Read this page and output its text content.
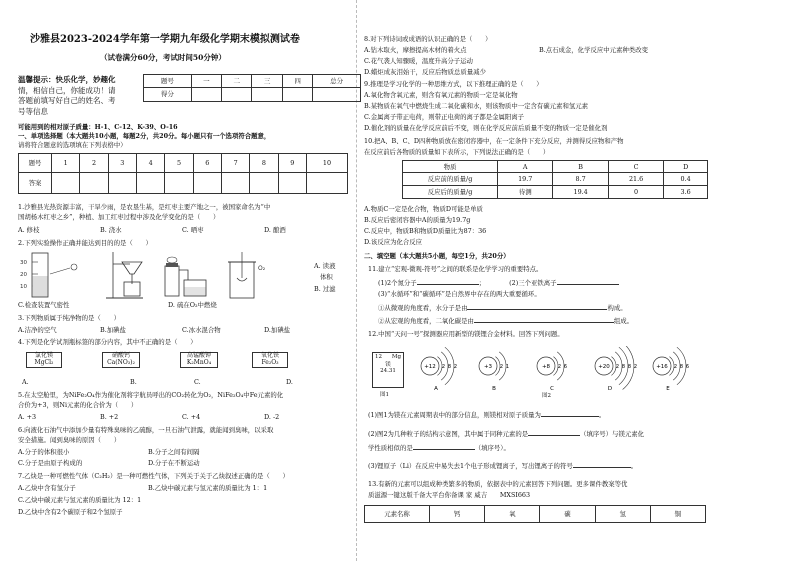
沙雅县2023-2024学年第一学期九年级化学期末模拟测试卷
（试卷满分60分，考试时间50分钟）
温馨提示：快乐化学，妙趣化
情，相信自己，你能成功！请
答题前填写好自己的姓名、考
号等信息
题号	一	二	三	四	总分
得分					
可能用到的相对原子质量：H-1、C-12、K-39、O-16
一、单项选择题（本大题共10小题，每题2分，共20分。每小题只有一个选项符合题意，
请将符合题意的选项填在下列表格中）
题号	1	2	3	4	5	6	7	8	9	10
答案										
1.沙雅县光热资源丰富，干旱少雨，是农垦生基，是红枣主要产地之一，被国家命名为“中
国胡杨木红枣之乡”，种植、加工红枣过程中涉及化学变化的是（　　）
A. 修枝	B. 浇水	C. 晒枣	D. 酿酒
2.下列实验操作正确并能达到目的的是（　　）
30
20
10
O₂	A. 读液
体积
B. 过滤
C.检查装置气密性	D. 硫在O₂中燃烧
3.下列物质属于纯净物的是（　　）
A.洁净的空气	B.加碘盐	C.冰水混合物	D.加碘盐
4.下列是化学试剂瓶标签的部分内容，其中不正确的是（　　）
氯化镁
MgCl₂
硝酸钙
Ca(NO₃)₂
高锰酸钾
K₂MnO₄
氧化铁
Fe₂O₃
A.	B.	C.	D.
5.在太空舱里，为NiFe₂O₄作为催化剂将宇航员呼出的CO₂转化为O₂，NiFe₂O₄中Fe元素的化
合价为+3，则Ni元素的化合价为（　　）
A. +3	B. +2	C. +4	D. -2
6.向液化石油气中添加少量有特殊臭味的乙硫醇，一旦石油气泄露，就能闻到臭味，以采取
安全措施。闻到臭味的原因（　　）
A.分子的体积很小	B.分子之间有间隔
C.分子是由原子构成的	D.分子在不断运动
7.乙炔是一种可燃性气体（C₂H₂）是一种可燃性气体，下列关于关于乙炔叙述正确的是（　　）
A.乙炔中含有氢分子	B.乙炔中碳元素与氢元素的质量比为 1：1
C.乙炔中碳元素与氢元素的质量比为 12：1
D.乙炔中含有2个碳原子和2个氢原子
8.对下列诗词或成语的认识正确的是（　　）
A.钻木取火，摩擦提高木材的着火点	B.点石成金，化学反应中元素种类改变
C.花气袭人知骤暖，温度升高分子运动
D.蜡炬成灰泪始干，反应后物质总质量减少
9.推理是学习化学的一种思维方式，以下推理正确的是（　　）
A.氧化物含氧元素，则含有氧元素的物质一定是氧化物
B.某物质在氧气中燃烧生成二氧化碳和水，则该物质中一定含有碳元素和氢元素
C.金属离子带正电荷，则带正电荷的离子都是金属阳离子
D.催化剂的质量在化学反应前后不变，则在化学反应前后质量不变的物质一定是催化剂
10.把A、B、C、D四种物质放在密闭容器中，在一定条件下充分反应，并测得反应物和产物
在反应前后各物质的质量如下表所示，下列说法正确的是（　　）
物质	A	B	C	D
反应前的质量/g	19.7	8.7	21.6	0.4
反应后的质量/g	待测	19.4	0	3.6
A.物质C一定是化合物，物质D可能是单质
B.反应后密闭容器中A的质量为19.7g
C.反应中，物质B和物质D质量比为87：36
D.该反应为化合反应
二、填空题（本大题共5小题，每空1分，共20分）
11.建立“宏观-微观-符号”之间的联系是化学学习的重要特点。
(1)2个氮分子	；	(2)三个亚铁离子
(3)“水循环”和“碳循环”是自然界中存在的两大重要循环。
①从微观的角度看，水分子是由	构成。
②从宏观的角度看，二氧化碳是由	组成。
12.中国“天问一号”探测器应用新型的镁锂合金材料。回答下列问题。
12 Mg
镁
24.31
图1
+12 2 8 2
A
+3 2 1
B
+8 2 6
C
+20 2 8 8 2
D
+16 2 8 6
E
图2
(1)图1为镁在元素周期表中的部分信息，则镁相对原子质量为	。
(2)图2为几种粒子的结构示意图，其中属于同种元素的是	（填序号）与镁元素化
学性质相似的是	（填序号）。
(3)锂原子（Li）在反应中易失去1个电子形成锂离子，写出锂离子的符号	。
13.有新的元素可以组成种类繁多的物质，依据表中的元素回答下列问题。更多课件教案等优
质滋源一键这版千备大平台你备课 家 威吉　　MXSI663
元素名称	钙	氧	碳	氢	铜
